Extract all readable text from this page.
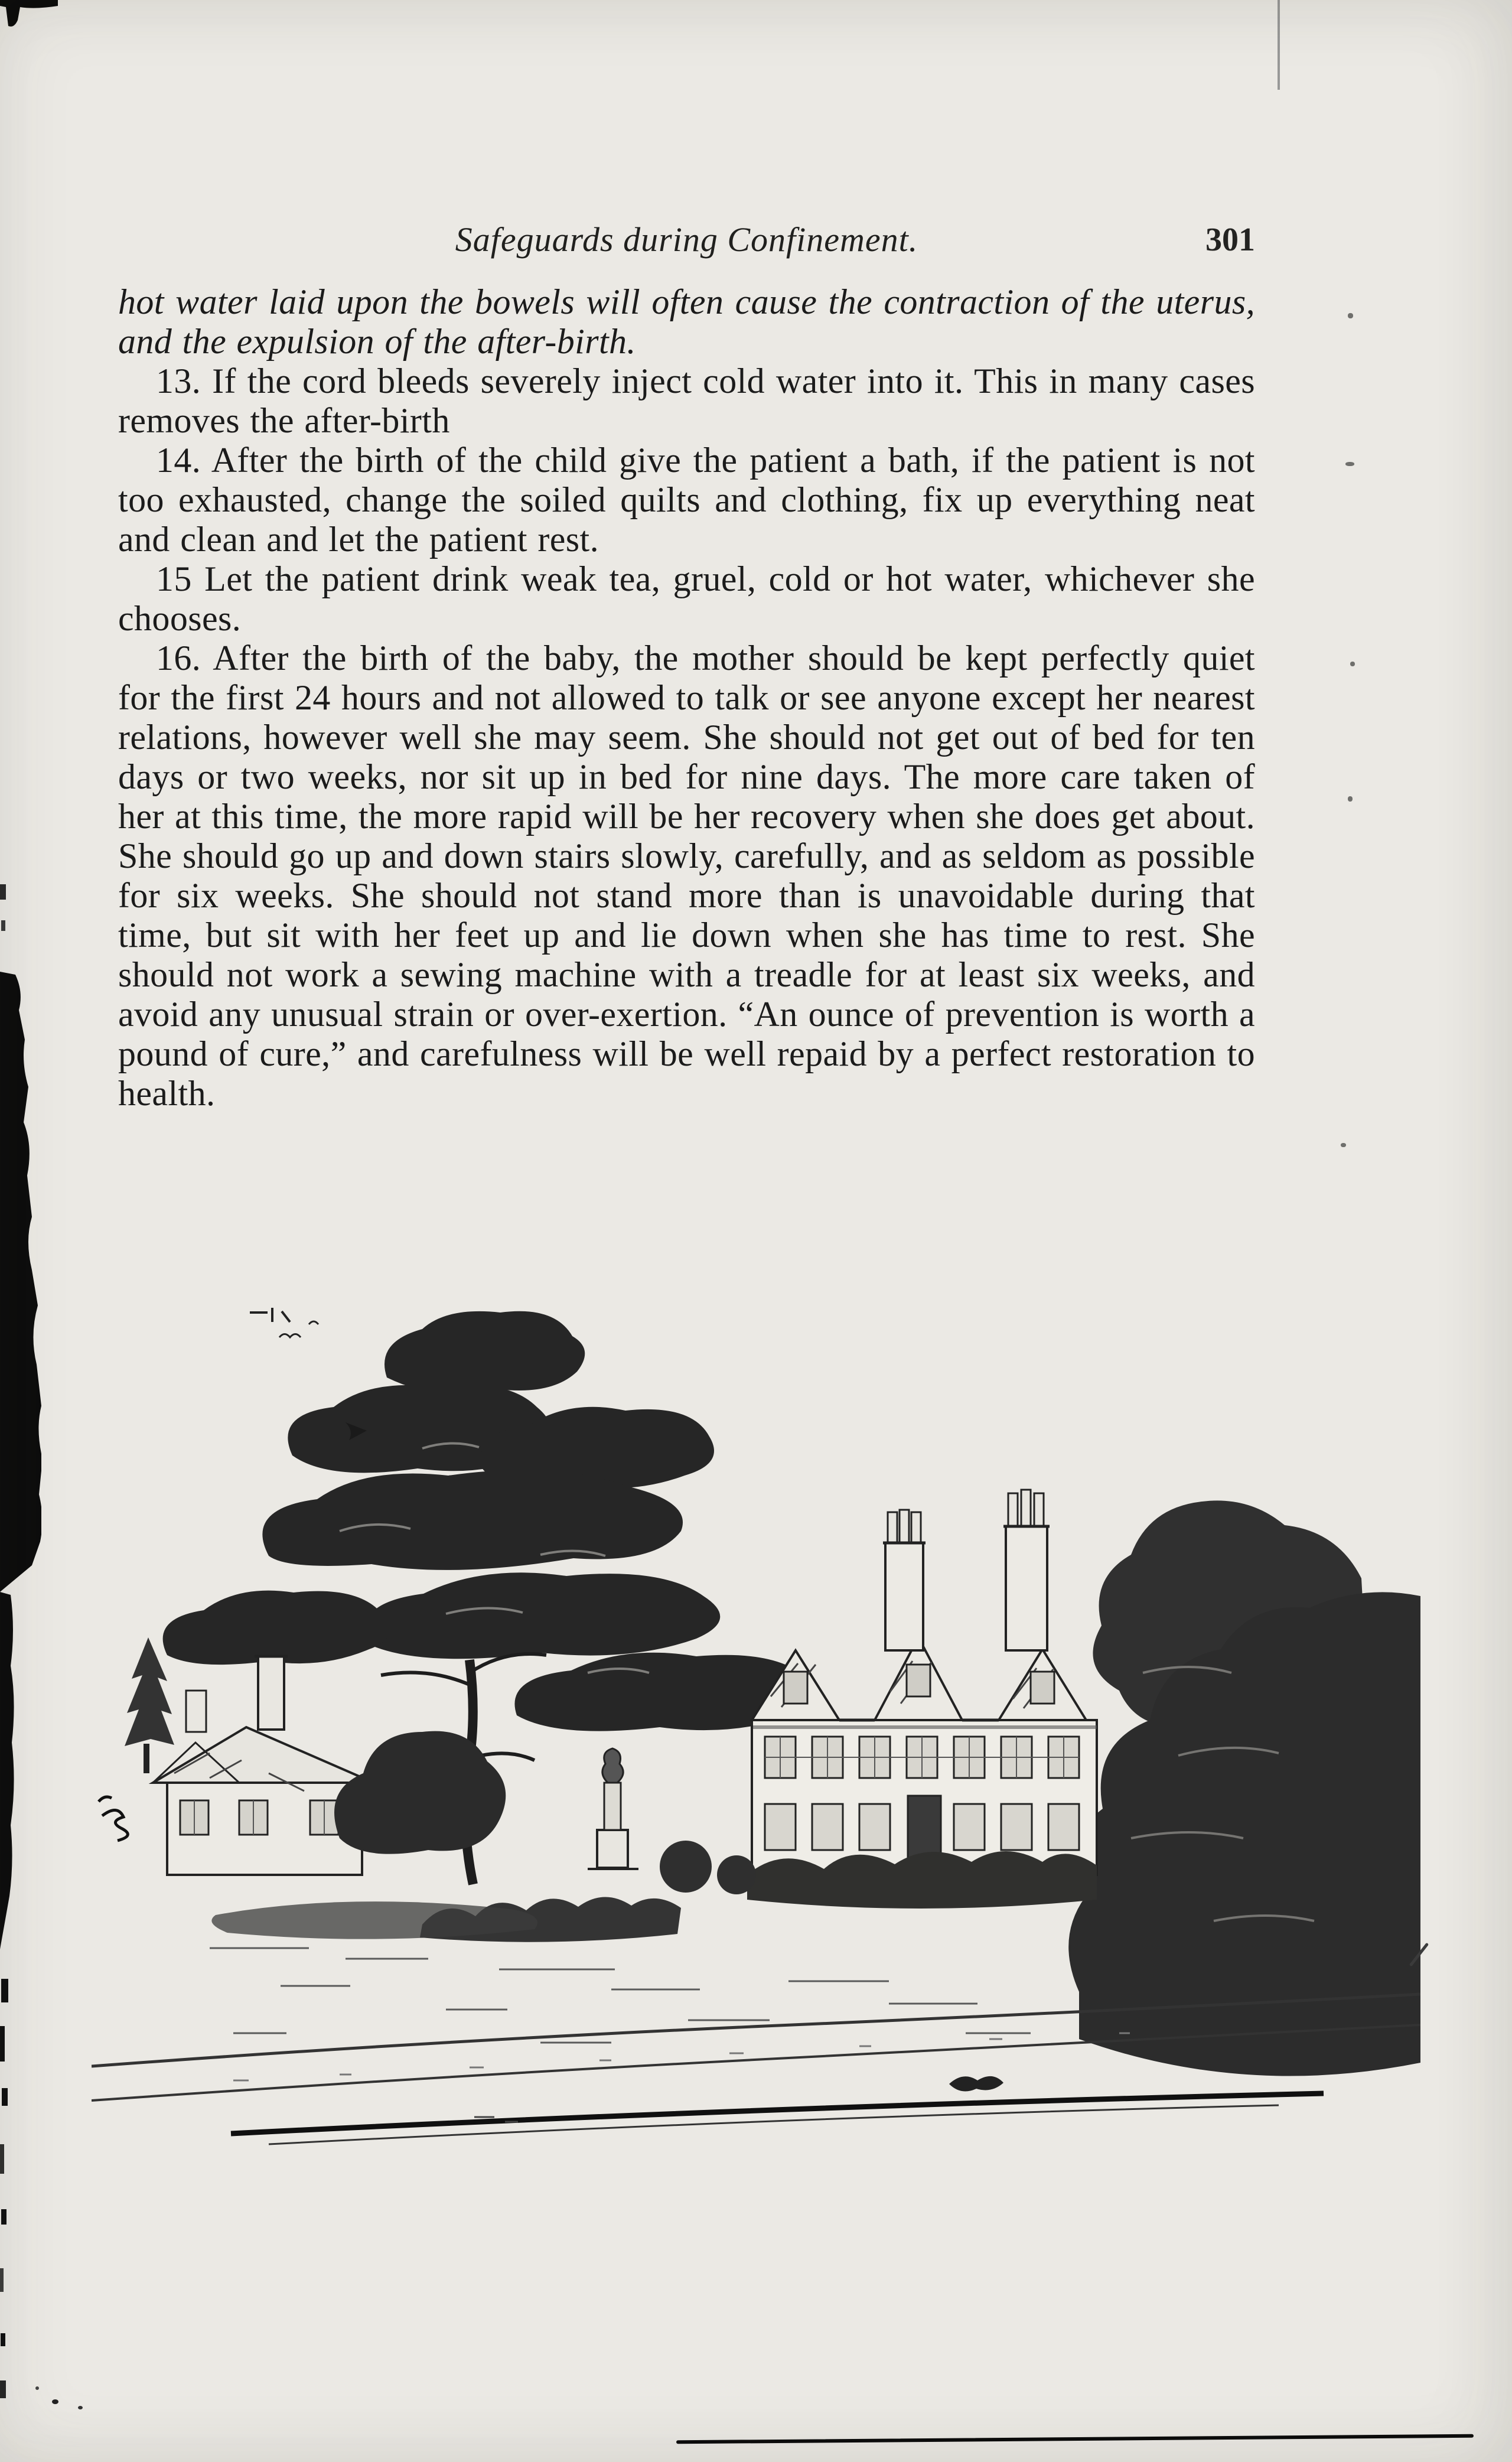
Safeguards during Confinement.	301

hot water laid upon the bowels will often cause the contraction of the uterus, and the expulsion of the after-birth.

13. If the cord bleeds severely inject cold water into it. This in many cases removes the after-birth

14. After the birth of the child give the patient a bath, if the patient is not too exhausted, change the soiled quilts and clothing, fix up everything neat and clean and let the patient rest.

15 Let the patient drink weak tea, gruel, cold or hot water, whichever she chooses.

16. After the birth of the baby, the mother should be kept perfectly quiet for the first 24 hours and not allowed to talk or see anyone except her nearest relations, however well she may seem. She should not get out of bed for ten days or two weeks, nor sit up in bed for nine days. The more care taken of her at this time, the more rapid will be her recovery when she does get about. She should go up and down stairs slowly, carefully, and as seldom as possible for six weeks. She should not stand more than is unavoidable during that time, but sit with her feet up and lie down when she has time to rest. She should not work a sewing machine with a treadle for at least six weeks, and avoid any unusual strain or over-exertion. “An ounce of prevention is worth a pound of cure,” and carefulness will be well repaid by a perfect restoration to health.
